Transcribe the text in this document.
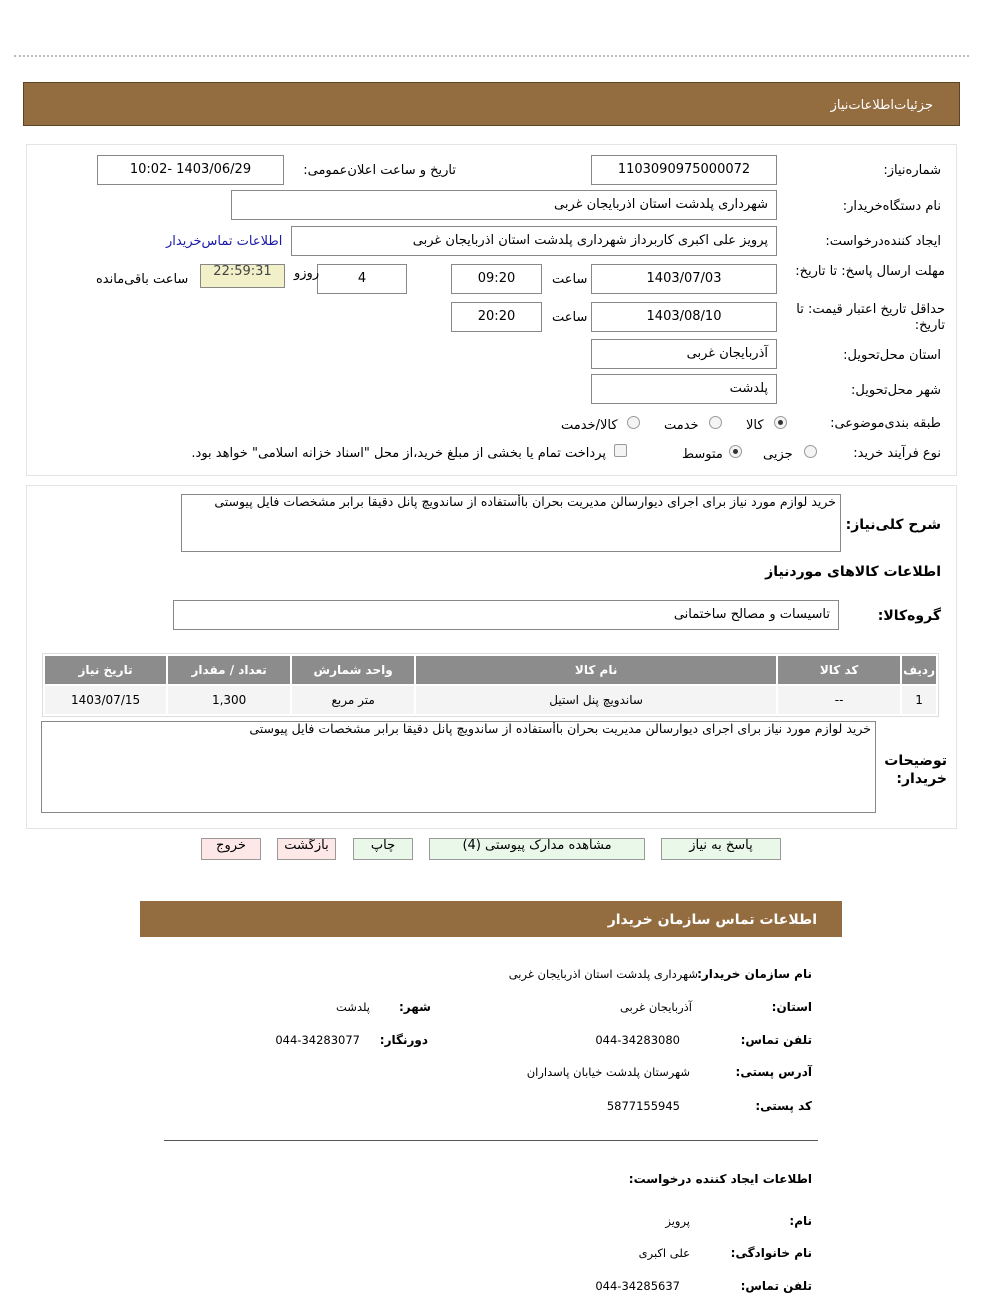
جزئیات‌اطلاعات‌نیاز
شماره‌نیاز:
1103090975000072
تاریخ و ساعت اعلان‌عمومی:
1403/06/29 -10:02
نام دستگاه‌خریدار:
شهرداری پلدشت استان اذربایجان غربی
ایجاد کننده‌درخواست:
پرویز علی اکبری کاربرداز شهرداری پلدشت استان اذربایجان غربی
اطلاعات تماس‌خریدار
مهلت ارسال پاسخ: تا تاریخ:
1403/07/03
ساعت
09:20
4
روزو
22:59:31
ساعت باقی‌مانده
حداقل تاریخ اعتبار قیمت: تا تاریخ:
1403/08/10
ساعت
20:20
استان محل‌تحویل:
آذربایجان غربی
شهر محل‌تحویل:
پلدشت
طبقه بندی‌موضوعی:
کالا
خدمت
کالا/خدمت
نوع فرآیند خرید:
جزیی
متوسط
پرداخت تمام یا بخشی از مبلغ خرید،از محل "اسناد خزانه اسلامی" خواهد بود.
شرح کلی‌نیاز:
خرید لوازم مورد نیاز برای اجرای دیوارسالن مدیریت بحران باأستفاده از ساندویچ پانل دقیقا برابر مشخصات فایل پیوستی
اطلاعات کالاهای مورد‌نیاز
گروه‌کالا:
تاسیسات و مصالح ساختمانی
ردیف	کد کالا	نام کالا	واحد شمارش	تعداد / مقدار	تاریخ نیاز
1	--	ساندویچ پنل استیل	متر مربع	1,300	1403/07/15
توضیحات خریدار:
خرید لوازم مورد نیاز برای اجرای دیوارسالن مدیریت بحران باأستفاده از ساندویچ پانل دقیقا برابر مشخصات فایل پیوستی
پاسخ به نیاز
مشاهده مدارک پیوستی (4)
چاپ
بازگشت
خروج
اطلاعات تماس سازمان خریدار
نام سازمان خریدار:
شهرداری پلدشت استان اذربایجان غربی
استان:
آذربایجان غربی
شهر:
پلدشت
تلفن تماس:
044-34283080
دورنگار:
044-34283077
آدرس پستی:
شهرستان پلدشت خیابان پاسداران
کد پستی:
5877155945
اطلاعات ایجاد کننده درخواست:
نام:
پرویز
نام خانوادگی:
علی اکبری
تلفن تماس:
044-34285637
